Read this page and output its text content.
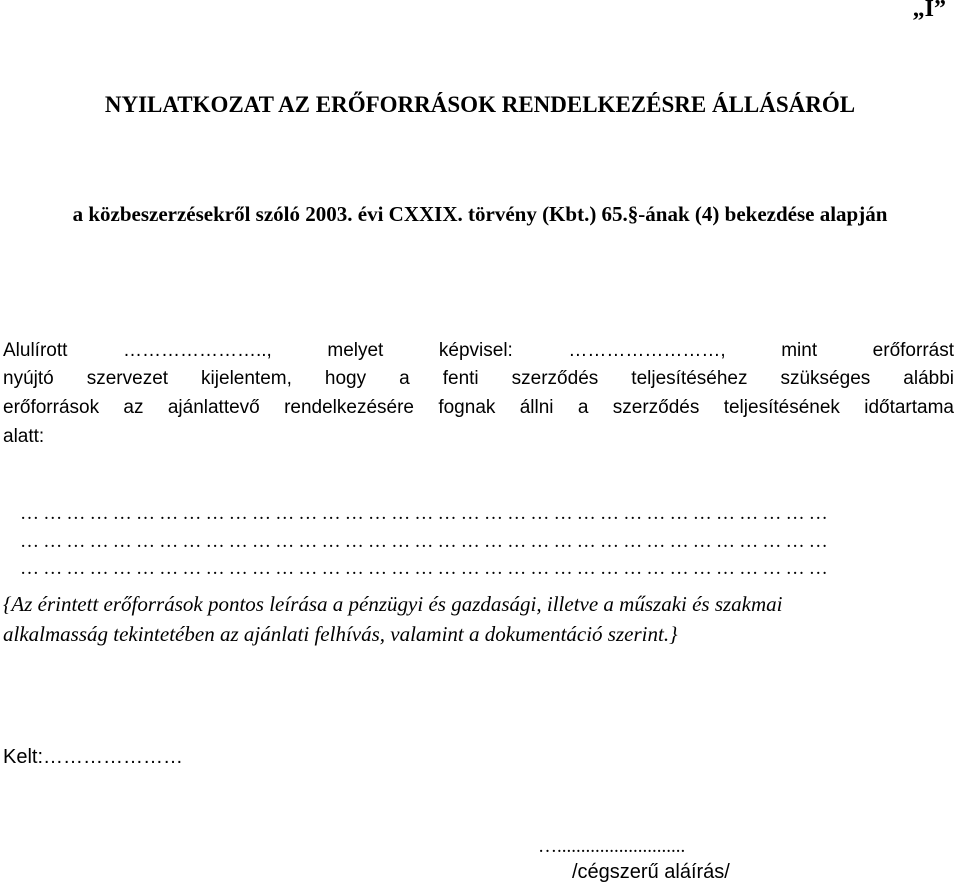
„I”
NYILATKOZAT AZ ERŐFORRÁSOK RENDELKEZÉSRE ÁLLÁSÁRÓL
a közbeszerzésekről szóló 2003. évi CXXIX. törvény (Kbt.) 65.§-ának (4) bekezdése alapján
Alulírott ………………….., melyet képvisel: ……………………, mint erőforrást
nyújtó szervezet kijelentem, hogy a fenti szerződés teljesítéséhez szükséges alábbi
erőforrások az ajánlattevő rendelkezésére fognak állni a szerződés teljesítésének időtartama
alatt:
……………………………………………………………………………………………
……………………………………………………………………………………………
……………………………………………………………………………………………
{Az érintett erőforrások pontos leírása a pénzügyi és gazdasági, illetve a műszaki és szakmai
alkalmasság tekintetében az ajánlati felhívás, valamint a dokumentáció szerint.}
Kelt:…………………
…...........................
/cégszerű aláírás/
